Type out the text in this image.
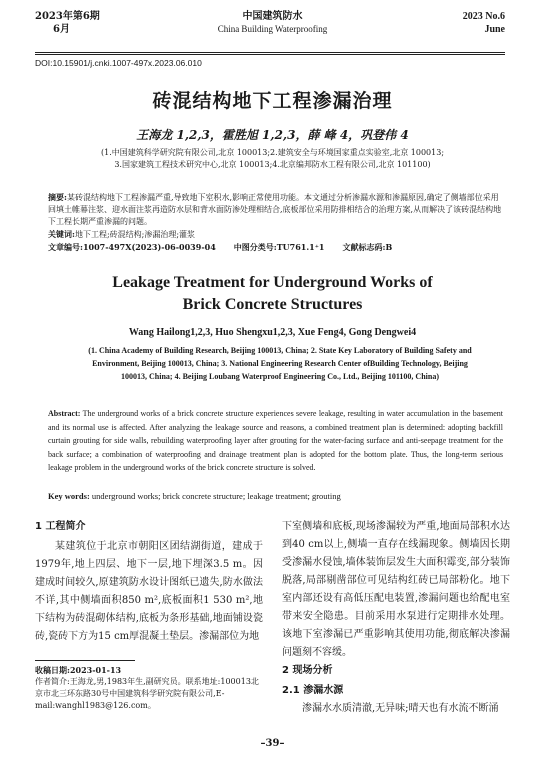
2023年第6期
6月
中国建筑防水
China Building Waterproofing
2023 No.6
June
DOI:10.15901/j.cnki.1007-497x.2023.06.010
砖混结构地下工程渗漏治理
王海龙 1,2,3，霍胜旭 1,2,3，薛 峰 4，巩登伟 4
(1.中国建筑科学研究院有限公司,北京 100013;2.建筑安全与环境国家重点实验室,北京 100013;
3.国家建筑工程技术研究中心,北京 100013;4.北京编邦防水工程有限公司,北京 101100)
摘要:某砖混结构地下工程渗漏严重,导致地下室积水,影响正常使用功能。本文通过分析渗漏水源和渗漏原因,确定了侧墙部位采用回填土帷幕注浆、迎水面注浆再造防水层和背水面防渗处理相结合,底板部位采用防排相结合的治理方案,从而解决了该砖混结构地下工程长期严重渗漏的问题。
关键词:地下工程;砖混结构;渗漏治理;灌浆
文章编号:1007-497X(2023)-06-0039-04 中图分类号:TU761.1⁺1 文献标志码:B
Leakage Treatment for Underground Works of
Brick Concrete Structures
Wang Hailong1,2,3, Huo Shengxu1,2,3, Xue Feng4, Gong Dengwei4
(1. China Academy of Building Research, Beijing 100013, China; 2. State Key Laboratory of Building Safety and
Environment, Beijing 100013, China; 3. National Engineering Research Center ofBuilding Technology, Beijing
100013, China; 4. Beijing Loubang Waterproof Engineering Co., Ltd., Beijing 101100, China)
Abstract: The underground works of a brick concrete structure experiences severe leakage, resulting in water accumulation in the basement and its normal use is affected. After analyzing the leakage source and reasons, a combined treatment plan is determined: adopting backfill curtain grouting for side walls, rebuilding waterproofing layer after grouting for the water-facing surface and anti-seepage treatment for the back surface; a combination of waterproofing and drainage treatment plan is adopted for the bottom plate. Thus, the long-term serious leakage problem in the underground works of the brick concrete structure is solved.
Key words: underground works; brick concrete structure; leakage treatment; grouting

1 工程简介

某建筑位于北京市朝阳区团结湖街道，建成于1979年,地上四层、地下一层,地下埋深3.5 m。因建成时间较久,原建筑防水设计图纸已遗失,防水做法不详,其中侧墙面积850 m²,底板面积1 530 m²,地下结构为砖混砌体结构,底板为条形基础,地面铺设瓷砖,瓷砖下方为15 cm厚混凝土垫层。渗漏部位为地

下室侧墙和底板,现场渗漏较为严重,地面局部积水达到40 cm以上,侧墙一直存在线漏现象。侧墙因长期受渗漏水侵蚀,墙体装饰层发生大面积霉变,部分装饰脱落,局部剔凿部位可见结构红砖已局部粉化。地下室内部还设有高低压配电装置,渗漏问题也给配电室带来安全隐患。目前采用水泵进行定期排水处理。该地下室渗漏已严重影响其使用功能,彻底解决渗漏问题刻不容缓。

2 现场分析

2.1 渗漏水源

渗漏水水质清澈,无异味;晴天也有水流不断涌

收稿日期:2023-01-13
作者简介:王海龙,男,1983年生,副研究员。联系地址:100013北京市北三环东路30号中国建筑科学研究院有限公司,E-mail:wanghl1983@126.com。
–39–
